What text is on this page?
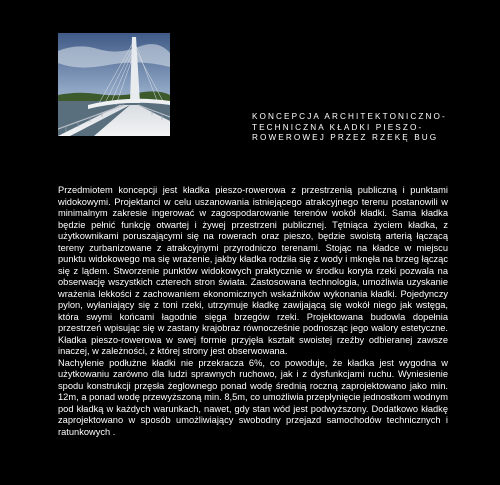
KONCEPCJA ARCHITEKTONICZNO-
TECHNICZNA KŁADKI PIESZO-
ROWEROWEJ PRZEZ RZEKĘ BUG

Przedmiotem koncepcji jest kładka pieszo-rowerowa z przestrzenią publiczną i punktami widokowymi. Projektanci w celu uszanowania istniejącego atrakcyjnego terenu postanowili w minimalnym zakresie ingerować w zagospodarowanie terenów wokół kładki. Sama kładka będzie pełnić funkcję otwartej i żywej przestrzeni publicznej. Tętniąca życiem kładka, z użytkownikami poruszającymi się na rowerach oraz pieszo, będzie swoistą arterią łączącą tereny zurbanizowane z atrakcyjnymi przyrodniczo terenami. Stojąc na kładce w miejscu punktu widokowego ma się wrażenie, jakby kładka rodziła się z wody i mknęła na brzeg łącząc się z lądem. Stworzenie punktów widokowych praktycznie w środku koryta rzeki pozwala na obserwację wszystkich czterech stron świata. Zastosowana technologia, umożliwia uzyskanie wrażenia lekkości z zachowaniem ekonomicznych wskaźników wykonania kładki. Pojedynczy pylon, wyłaniający się z toni rzeki, utrzymuje kładkę zawijającą się wokół niego jak wstęga, która swymi końcami łagodnie sięga brzegów rzeki. Projektowana budowla dopełnia przestrzeń wpisując się w zastany krajobraz równocześnie podnosząc jego walory estetyczne. Kładka pieszo-rowerowa w swej formie przyjęła kształt swoistej rzeźby odbieranej zawsze inaczej, w zależności, z której strony jest obserwowana.

Nachylenie podłużne kładki nie przekracza 6%, co powoduje, że kładka jest wygodna w użytkowaniu zarówno dla ludzi sprawnych ruchowo, jak i z dysfunkcjami ruchu. Wyniesienie spodu konstrukcji przęsła żeglownego ponad wodę średnią roczną zaprojektowano jako min. 12m, a ponad wodę przewyższoną min. 8,5m, co umożliwia przepłynięcie jednostkom wodnym pod kładką w każdych warunkach, nawet, gdy stan wód jest podwyższony. Dodatkowo kładkę zaprojektowano w sposób umożliwiający swobodny przejazd samochodów technicznych i ratunkowych .
